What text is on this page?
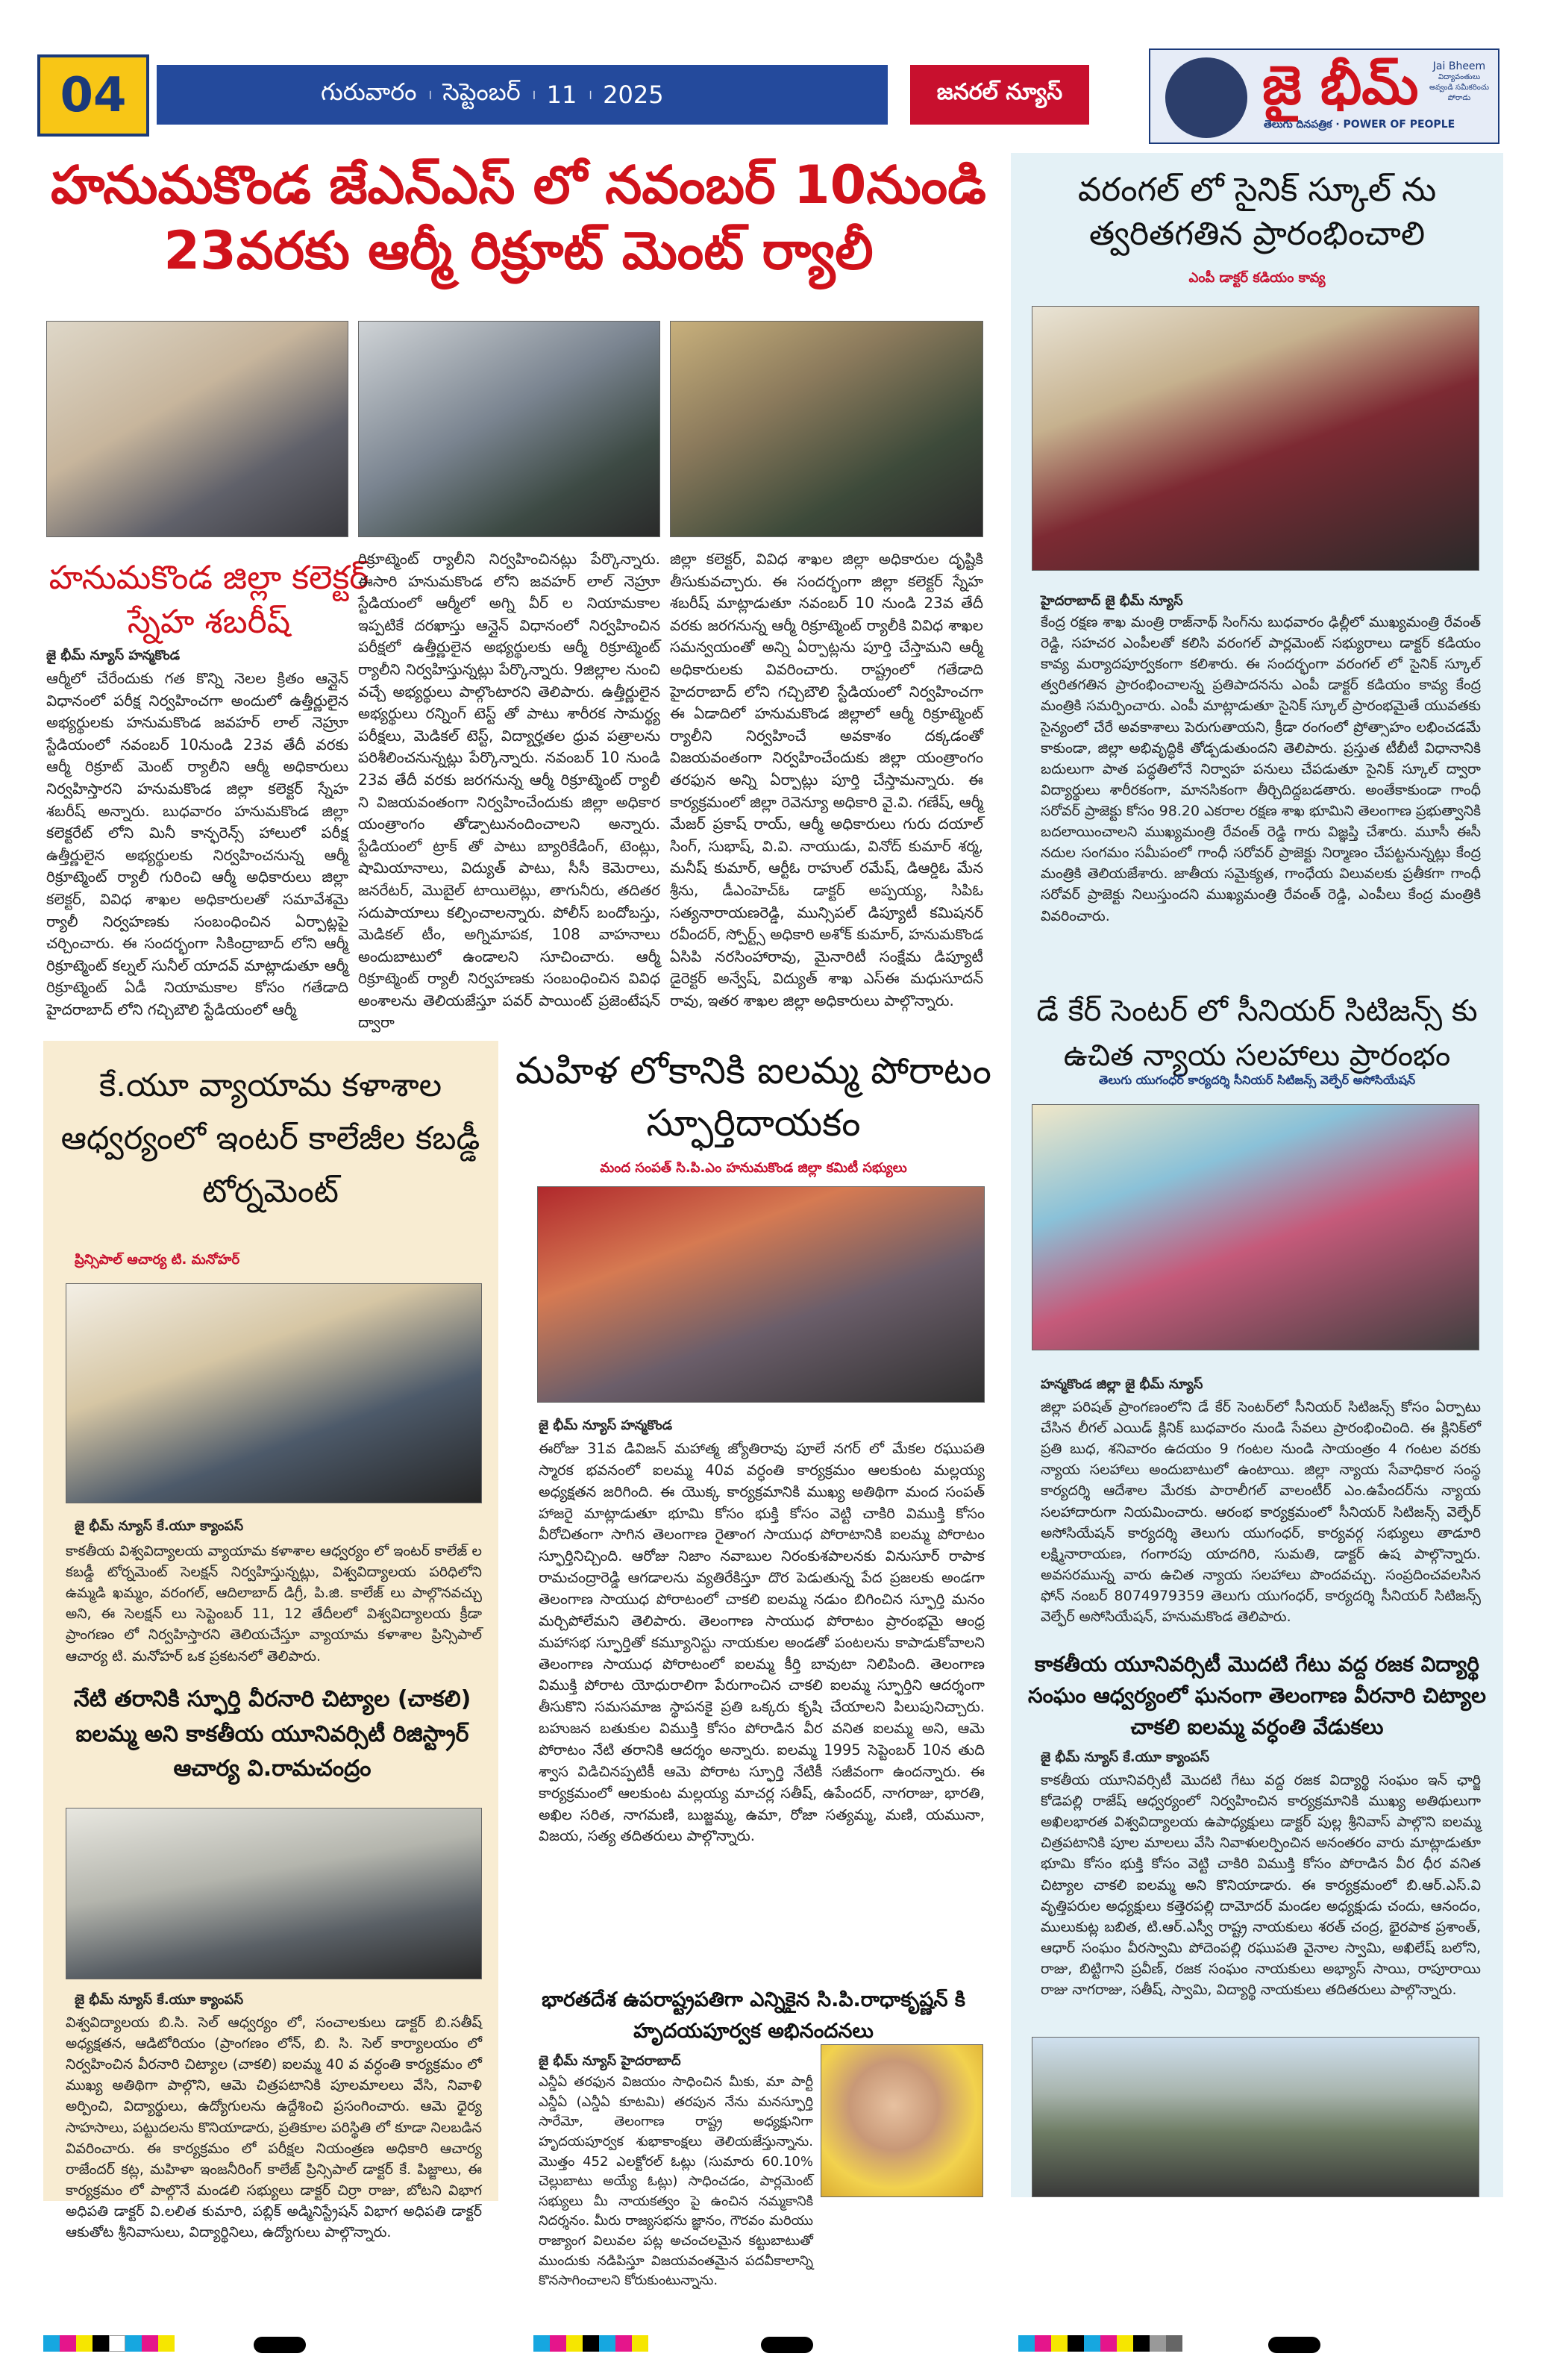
04	గురువారం । సెప్టెంబర్ । 11 । 2025	జనరల్ న్యూస్	జై భీమ్
తెలుగు దినపత్రిక · POWER OF PEOPLE
Jai Bheem
విద్యావంతులు అవ్వండి సమీకరించు పోరాడు
హనుమకొండ జేఎన్ఎస్ లో నవంబర్ 10నుండి 23వరకు ఆర్మీ రిక్రూట్ మెంట్ ర్యాలీ
హనుమకొండ జిల్లా కలెక్టర్ స్నేహ శబరీష్
జై భీమ్ న్యూస్ హన్మకొండ
ఆర్మీలో చేరేందుకు గత కొన్ని నెలల క్రితం ఆన్లైన్ విధానంలో పరీక్ష నిర్వహించగా అందులో ఉత్తీర్ణులైన అభ్యర్థులకు హనుమకొండ జవహర్ లాల్ నెహ్రూ స్టేడియంలో నవంబర్ 10నుండి 23వ తేదీ వరకు ఆర్మీ రిక్రూట్ మెంట్ ర్యాలీని ఆర్మీ అధికారులు నిర్వహిస్తారని హనుమకొండ జిల్లా కలెక్టర్ స్నేహ శబరీష్ అన్నారు. బుధవారం హనుమకొండ జిల్లా కలెక్టరేట్ లోని మినీ కాన్ఫరెన్స్ హాలులో పరీక్ష ఉత్తీర్ణులైన అభ్యర్థులకు నిర్వహించనున్న ఆర్మీ రిక్రూట్మెంట్ ర్యాలీ గురించి ఆర్మీ అధికారులు జిల్లా కలెక్టర్, వివిధ శాఖల అధికారులతో సమావేశమై ర్యాలీ నిర్వహణకు సంబంధించిన ఏర్పాట్లపై చర్చించారు. ఈ సందర్భంగా సికింద్రాబాద్ లోని ఆర్మీ రిక్రూట్మెంట్ కల్నల్ సునీల్ యాదవ్ మాట్లాడుతూ ఆర్మీ రిక్రూట్మెంట్ ఏడీ నియామకాల కోసం గతేడాది హైదరాబాద్ లోని గచ్చిబౌలి స్టేడియంలో ఆర్మీ
రిక్రూట్మెంట్ ర్యాలీని నిర్వహించినట్లు పేర్కొన్నారు. ఈసారి హనుమకొండ లోని జవహర్ లాల్ నెహ్రూ స్టేడియంలో ఆర్మీలో అగ్ని వీర్ ల నియామకాల ఇప్పటికే దరఖాస్తు ఆన్లైన్ విధానంలో నిర్వహించిన పరీక్షలో ఉత్తీర్ణులైన అభ్యర్థులకు ఆర్మీ రిక్రూట్మెంట్ ర్యాలీని నిర్వహిస్తున్నట్లు పేర్కొన్నారు. 9జిల్లాల నుంచి వచ్చే అభ్యర్థులు పాల్గొంటారని తెలిపారు. ఉత్తీర్ణులైన అభ్యర్థులు రన్నింగ్ టెస్ట్ తో పాటు శారీరక సామర్థ్య పరీక్షలు, మెడికల్ టెస్ట్, విద్యార్హతల ధ్రువ పత్రాలను పరిశీలించనున్నట్లు పేర్కొన్నారు. నవంబర్ 10 నుండి 23వ తేదీ వరకు జరగనున్న ఆర్మీ రిక్రూట్మెంట్ ర్యాలీ ని విజయవంతంగా నిర్వహించేందుకు జిల్లా అధికార యంత్రాంగం తోడ్పాటునందించాలని అన్నారు. స్టేడియంలో ట్రాక్ తో పాటు బ్యారికేడింగ్, టెంట్లు, షామియానాలు, విద్యుత్ పాటు, సీసీ కెమెరాలు, జనరేటర్, మొబైల్ టాయిలెట్లు, తాగునీరు, తదితర సదుపాయాలు కల్పించాలన్నారు. పోలీస్ బందోబస్తు, మెడికల్ టీం, అగ్నిమాపక, 108 వాహనాలు అందుబాటులో ఉండాలని సూచించారు. ఆర్మీ రిక్రూట్మెంట్ ర్యాలీ నిర్వహణకు సంబంధించిన వివిధ అంశాలను తెలియజేస్తూ పవర్ పాయింట్ ప్రజెంటేషన్ ద్వారా
జిల్లా కలెక్టర్, వివిధ శాఖల జిల్లా అధికారుల దృష్టికి తీసుకువచ్చారు. ఈ సందర్భంగా జిల్లా కలెక్టర్ స్నేహ శబరీష్ మాట్లాడుతూ నవంబర్ 10 నుండి 23వ తేదీ వరకు జరగనున్న ఆర్మీ రిక్రూట్మెంట్ ర్యాలీకి వివిధ శాఖల సమన్వయంతో అన్ని ఏర్పాట్లను పూర్తి చేస్తామని ఆర్మీ అధికారులకు వివరించారు. రాష్ట్రంలో గతేడాది హైదరాబాద్ లోని గచ్చిబౌలి స్టేడియంలో నిర్వహించగా ఈ ఏడాదిలో హనుమకొండ జిల్లాలో ఆర్మీ రిక్రూట్మెంట్ ర్యాలీని నిర్వహించే అవకాశం దక్కడంతో విజయవంతంగా నిర్వహించేందుకు జిల్లా యంత్రాంగం తరఫున అన్ని ఏర్పాట్లు పూర్తి చేస్తామన్నారు. ఈ కార్యక్రమంలో జిల్లా రెవెన్యూ అధికారి వై.వి. గణేష్, ఆర్మీ మేజర్ ప్రకాష్ రాయ్, ఆర్మీ అధికారులు గురు దయాల్ సింగ్, సుభాష్, వి.వి. నాయుడు, వినోద్ కుమార్ శర్మ, మనీష్ కుమార్, ఆర్టీఓ రాహుల్ రమేష్, డిఆర్డిఓ మేన శ్రీను, డీఎంహెచ్ఓ డాక్టర్ అప్పయ్య, సిపిఓ సత్యనారాయణరెడ్డి, మున్సిపల్ డిప్యూటీ కమిషనర్ రవీందర్, స్పోర్ట్స్ అధికారి అశోక్ కుమార్, హనుమకొండ ఏసిపి నరసింహారావు, మైనారిటీ సంక్షేమ డిప్యూటీ డైరెక్టర్ అన్వేష్, విద్యుత్ శాఖ ఎస్ఈ మధుసూదన్ రావు, ఇతర శాఖల జిల్లా అధికారులు పాల్గొన్నారు.
వరంగల్ లో సైనిక్ స్కూల్ ను త్వరితగతిన ప్రారంభించాలి
ఎంపీ డాక్టర్ కడియం కావ్య
హైదరాబాద్ జై భీమ్ న్యూస్
కేంద్ర రక్షణ శాఖ మంత్రి రాజ్‌నాథ్ సింగ్‌ను బుధవారం ఢిల్లీలో ముఖ్యమంత్రి రేవంత్ రెడ్డి, సహచర ఎంపీలతో కలిసి వరంగల్ పార్లమెంట్ సభ్యురాలు డాక్టర్ కడియం కావ్య మర్యాదపూర్వకంగా కలిశారు. ఈ సందర్భంగా వరంగల్ లో సైనిక్ స్కూల్ త్వరితగతిన ప్రారంభించాలన్న ప్రతిపాదనను ఎంపీ డాక్టర్ కడియం కావ్య కేంద్ర మంత్రికి సమర్పించారు. ఎంపీ మాట్లాడుతూ సైనిక్ స్కూల్ ప్రారంభమైతే యువతకు సైన్యంలో చేరే అవకాశాలు పెరుగుతాయని, క్రీడా రంగంలో ప్రోత్సాహం లభించడమే కాకుండా, జిల్లా అభివృద్ధికి తోడ్పడుతుందని తెలిపారు. ప్రస్తుత టీబీటీ విధానానికి బదులుగా పాత పద్ధతిలోనే నిర్వాహ పనులు చేపడుతూ సైనిక్ స్కూల్ ద్వారా విద్యార్థులు శారీరకంగా, మానసికంగా తీర్చిదిద్దబడతారు. అంతేకాకుండా గాంధీ సరోవర్ ప్రాజెక్టు కోసం 98.20 ఎకరాల రక్షణ శాఖ భూమిని తెలంగాణ ప్రభుత్వానికి బదలాయించాలని ముఖ్యమంత్రి రేవంత్ రెడ్డి గారు విజ్ఞప్తి చేశారు. మూసీ ఈసీ నదుల సంగమం సమీపంలో గాంధీ సరోవర్ ప్రాజెక్టు నిర్మాణం చేపట్టనున్నట్లు కేంద్ర మంత్రికి తెలియజేశారు. జాతీయ సమైక్యత, గాంధేయ విలువలకు ప్రతీకగా గాంధీ సరోవర్ ప్రాజెక్టు నిలుస్తుందని ముఖ్యమంత్రి రేవంత్ రెడ్డి, ఎంపీలు కేంద్ర మంత్రికి వివరించారు.
డే కేర్ సెంటర్ లో సీనియర్ సిటిజన్స్ కు ఉచిత న్యాయ సలహాలు ప్రారంభం
తెలుగు యుగంధర్ కార్యదర్శి సీనియర్ సిటిజన్స్ వెల్ఫేర్ అసోసియేషన్
హన్మకొండ జిల్లా జై భీమ్ న్యూస్
జిల్లా పరిషత్ ప్రాంగణంలోని డే కేర్ సెంటర్‌లో సీనియర్ సిటిజన్స్ కోసం ఏర్పాటు చేసిన లీగల్ ఎయిడ్ క్లినిక్ బుధవారం నుండి సేవలు ప్రారంభించింది. ఈ క్లినిక్‌లో ప్రతి బుధ, శనివారం ఉదయం 9 గంటల నుండి సాయంత్రం 4 గంటల వరకు న్యాయ సలహాలు అందుబాటులో ఉంటాయి. జిల్లా న్యాయ సేవాధికార సంస్థ కార్యదర్శి ఆదేశాల మేరకు పారాలీగల్ వాలంటీర్ ఎం.ఉపేందర్‌ను న్యాయ సలహాదారుగా నియమించారు. ఆరంభ కార్యక్రమంలో సీనియర్ సిటిజన్స్ వెల్ఫేర్ అసోసియేషన్ కార్యదర్శి తెలుగు యుగంధర్, కార్యవర్గ సభ్యులు తాడూరి లక్ష్మినారాయణ, గంగారపు యాదగిరి, సుమతి, డాక్టర్ ఉష పాల్గొన్నారు. అవసరమున్న వారు ఉచిత న్యాయ సలహాలు పొందవచ్చు. సంప్రదించవలసిన ఫోన్ నంబర్ 8074979359 తెలుగు యుగంధర్, కార్యదర్శి సీనియర్ సిటిజన్స్ వెల్ఫేర్ అసోసియేషన్, హనుమకొండ తెలిపారు.
కాకతీయ యూనివర్సిటీ మొదటి గేటు వద్ద రజక విద్యార్థి సంఘం ఆధ్వర్యంలో ఘనంగా తెలంగాణ వీరనారి చిట్యాల చాకలి ఐలమ్మ వర్ధంతి వేడుకలు
జై భీమ్ న్యూస్ కే.యూ క్యాంపస్
కాకతీయ యూనివర్సిటీ మొదటి గేటు వద్ద రజక విద్యార్థి సంఘం ఇన్ ఛార్జి కోడెపల్లి రాజేష్ ఆధ్వర్యంలో నిర్వహించిన కార్యక్రమానికి ముఖ్య అతిథులుగా అఖిలభారత విశ్వవిద్యాలయ ఉపాధ్యక్షులు డాక్టర్ పుల్ల శ్రీనివాస్ పాల్గొని ఐలమ్మ చిత్రపటానికి పూల మాలలు వేసి నివాళులర్పించిన అనంతరం వారు మాట్లాడుతూ భూమి కోసం భుక్తి కోసం వెట్టి చాకిరి విముక్తి కోసం పోరాడిన వీర ధీర వనిత చిట్యాల చాకలి ఐలమ్మ అని కొనియాడారు. ఈ కార్యక్రమంలో బి.ఆర్.ఎస్.వి వృత్తిపరుల అధ్యక్షులు కత్తెరపల్లి దామోదర్ మండల అధ్యక్షుడు చందు, ఆనందం, ములుకుట్ల బబిత, టి.ఆర్.ఎస్వీ రాష్ట్ర నాయకులు శరత్ చంద్ర, భైరపాక ప్రశాంత్, ఆధార్ సంఘం వీరస్వామి పోదెంపల్లి రఘుపతి వైనాల స్వామి, అఖిలేష్ బలోని, రాజు, బిట్టిగాని ప్రవీణ్, రజక సంఘం నాయకులు అభ్యాస్ సాయి, రాపూరాయి రాజు నాగరాజు, సతీష్, స్వామి, విద్యార్థి నాయకులు తదితరులు పాల్గొన్నారు.
కే.యూ వ్యాయామ కళాశాల ఆధ్వర్యంలో ఇంటర్ కాలేజీల కబడ్డీ టోర్నమెంట్
ప్రిన్సిపాల్ ఆచార్య టి. మనోహర్
జై భీమ్ న్యూస్ కే.యూ క్యాంపస్
కాకతీయ విశ్వవిద్యాలయ వ్యాయామ కళాశాల ఆధ్వర్యం లో ఇంటర్ కాలేజ్ ల కబడ్డీ టోర్నమెంట్ సెలక్షన్ నిర్వహిస్తున్నట్లు, విశ్వవిద్యాలయ పరిధిలోని ఉమ్మడి ఖమ్మం, వరంగల్, ఆదిలాబాద్ డిగ్రీ, పి.జి. కాలేజ్ లు పాల్గొనవచ్చు అని, ఈ సెలక్షన్ లు సెప్టెంబర్ 11, 12 తేదీలలో విశ్వవిద్యాలయ క్రీడా ప్రాంగణం లో నిర్వహిస్తారని తెలియచేస్తూ వ్యాయామ కళాశాల ప్రిన్సిపాల్ ఆచార్య టి. మనోహర్ ఒక ప్రకటనలో తెలిపారు.
నేటి తరానికి స్ఫూర్తి వీరనారి చిట్యాల (చాకలి) ఐలమ్మ అని కాకతీయ యూనివర్సిటీ రిజిస్ట్రార్ ఆచార్య వి.రామచంద్రం
జై భీమ్ న్యూస్ కే.యూ క్యాంపస్
విశ్వవిద్యాలయ బి.సి. సెల్ ఆధ్వర్యం లో, సంచాలకులు డాక్టర్ బి.సతీష్ అధ్యక్షతన, ఆడిటోరియం (ప్రాంగణం లోన్, బి. సి. సెల్ కార్యాలయం లో నిర్వహించిన వీరనారి చిట్యాల (చాకలి) ఐలమ్మ 40 వ వర్ధంతి కార్యక్రమం లో ముఖ్య అతిథిగా పాల్గొని, ఆమె చిత్రపటానికి పూలమాలలు వేసి, నివాళి అర్పించి, విద్యార్థులు, ఉద్యోగులను ఉద్దేశించి ప్రసంగించారు. ఆమె ధైర్య సాహసాలు, పట్టుదలను కొనియాడారు, ప్రతికూల పరిస్థితి లో కూడా నిలబడిన వివరించారు. ఈ కార్యక్రమం లో పరీక్షల నియంత్రణ అధికారి ఆచార్య రాజేందర్ కట్ల, మహిళా ఇంజనీరింగ్ కాలేజ్ ప్రిన్సిపాల్ డాక్టర్ కే. పిజ్జాలు, ఈ కార్యక్రమం లో పాల్గొనే మండలి సభ్యులు డాక్టర్ చిర్రా రాజు, బోటని విభాగ అధిపతి డాక్టర్ వి.లలిత కుమారి, పబ్లిక్ అడ్మినిస్ట్రేషన్ విభాగ అధిపతి డాక్టర్ ఆకుతోట శ్రీనివాసులు, విద్యార్థినిలు, ఉద్యోగులు పాల్గొన్నారు.
మహిళ లోకానికి ఐలమ్మ పోరాటం స్ఫూర్తిదాయకం
మంద సంపత్ సి.పి.ఎం హనుమకొండ జిల్లా కమిటీ సభ్యులు
జై భీమ్ న్యూస్ హన్మకొండ
ఈరోజు 31వ డివిజన్ మహాత్మ జ్యోతిరావు పూలే నగర్ లో మేకల రఘుపతి స్మారక భవనంలో ఐలమ్మ 40వ వర్ధంతి కార్యక్రమం ఆలకుంట మల్లయ్య అధ్యక్షతన జరిగింది. ఈ యొక్క కార్యక్రమానికి ముఖ్య అతిథిగా మంద సంపత్ హాజరై మాట్లాడుతూ భూమి కోసం భుక్తి కోసం వెట్టి చాకిరి విముక్తి కోసం వీరోచితంగా సాగిన తెలంగాణ రైతాంగ సాయుధ పోరాటానికి ఐలమ్మ పోరాటం స్ఫూర్తినిచ్చింది. ఆరోజు నిజాం నవాబుల నిరంకుశపాలనకు వినుసూర్ రాపాక రామచంద్రారెడ్డి ఆగడాలను వ్యతిరేకిస్తూ దొర పెడుతున్న పేద ప్రజలకు అండగా తెలంగాణ సాయుధ పోరాటంలో చాకలి ఐలమ్మ నడుం బిగించిన స్ఫూర్తి మనం మర్చిపోలేమని తెలిపారు. తెలంగాణ సాయుధ పోరాటం ప్రారంభమై ఆంధ్ర మహాసభ స్ఫూర్తితో కమ్యూనిస్టు నాయకుల అండతో పంటలను కాపాడుకోవాలని తెలంగాణ సాయుధ పోరాటంలో ఐలమ్మ కీర్తి బావుటా నిలిపింది. తెలంగాణ విముక్తి పోరాట యోధురాలిగా పేరుగాంచిన చాకలి ఐలమ్మ స్ఫూర్తిని ఆదర్శంగా తీసుకొని సమసమాజ స్థాపనకై ప్రతి ఒక్కరు కృషి చేయాలని పిలుపునిచ్చారు. బహుజన బతుకుల విముక్తి కోసం పోరాడిన వీర వనిత ఐలమ్మ అని, ఆమె పోరాటం నేటి తరానికి ఆదర్శం అన్నారు. ఐలమ్మ 1995 సెప్టెంబర్ 10న తుది శ్వాస విడిచినప్పటికీ ఆమె పోరాట స్ఫూర్తి నేటికీ సజీవంగా ఉందన్నారు. ఈ కార్యక్రమంలో ఆలకుంట మల్లయ్య మాచర్ల సతీష్, ఉపేందర్, నాగరాజు, భారతి, అఖిల సరిత, నాగమణి, బుజ్జమ్మ, ఉమా, రోజా సత్యమ్మ, మణి, యమునా, విజయ, సత్య తదితరులు పాల్గొన్నారు.
భారతదేశ ఉపరాష్ట్రపతిగా ఎన్నికైన సి.పి.రాధాకృష్ణన్ కి హృదయపూర్వక అభినందనలు
జై భీమ్ న్యూస్ హైదరాబాద్
ఎన్డీఏ తరఫున విజయం సాధించిన మీకు, మా పార్టీ ఎన్డీఏ (ఎన్డీఏ కూటమి) తరపున నేను మనస్ఫూర్తి సారేమో, తెలంగాణ రాష్ట్ర అధ్యక్షునిగా హృదయపూర్వక శుభాకాంక్షలు తెలియజేస్తున్నాను. మొత్తం 452 ఎలక్టోరల్ ఓట్లు (సుమారు 60.10% చెల్లుబాటు అయ్యే ఓట్లు) సాధించడం, పార్లమెంట్ సభ్యులు మీ నాయకత్వం పై ఉంచిన నమ్మకానికి నిదర్శనం. మీరు రాజ్యసభను జ్ఞానం, గౌరవం మరియు రాజ్యాంగ విలువల పట్ల అచంచలమైన కట్టుబాటుతో ముందుకు నడిపిస్తూ విజయవంతమైన పదవీకాలాన్ని కొనసాగించాలని కోరుకుంటున్నాను.
